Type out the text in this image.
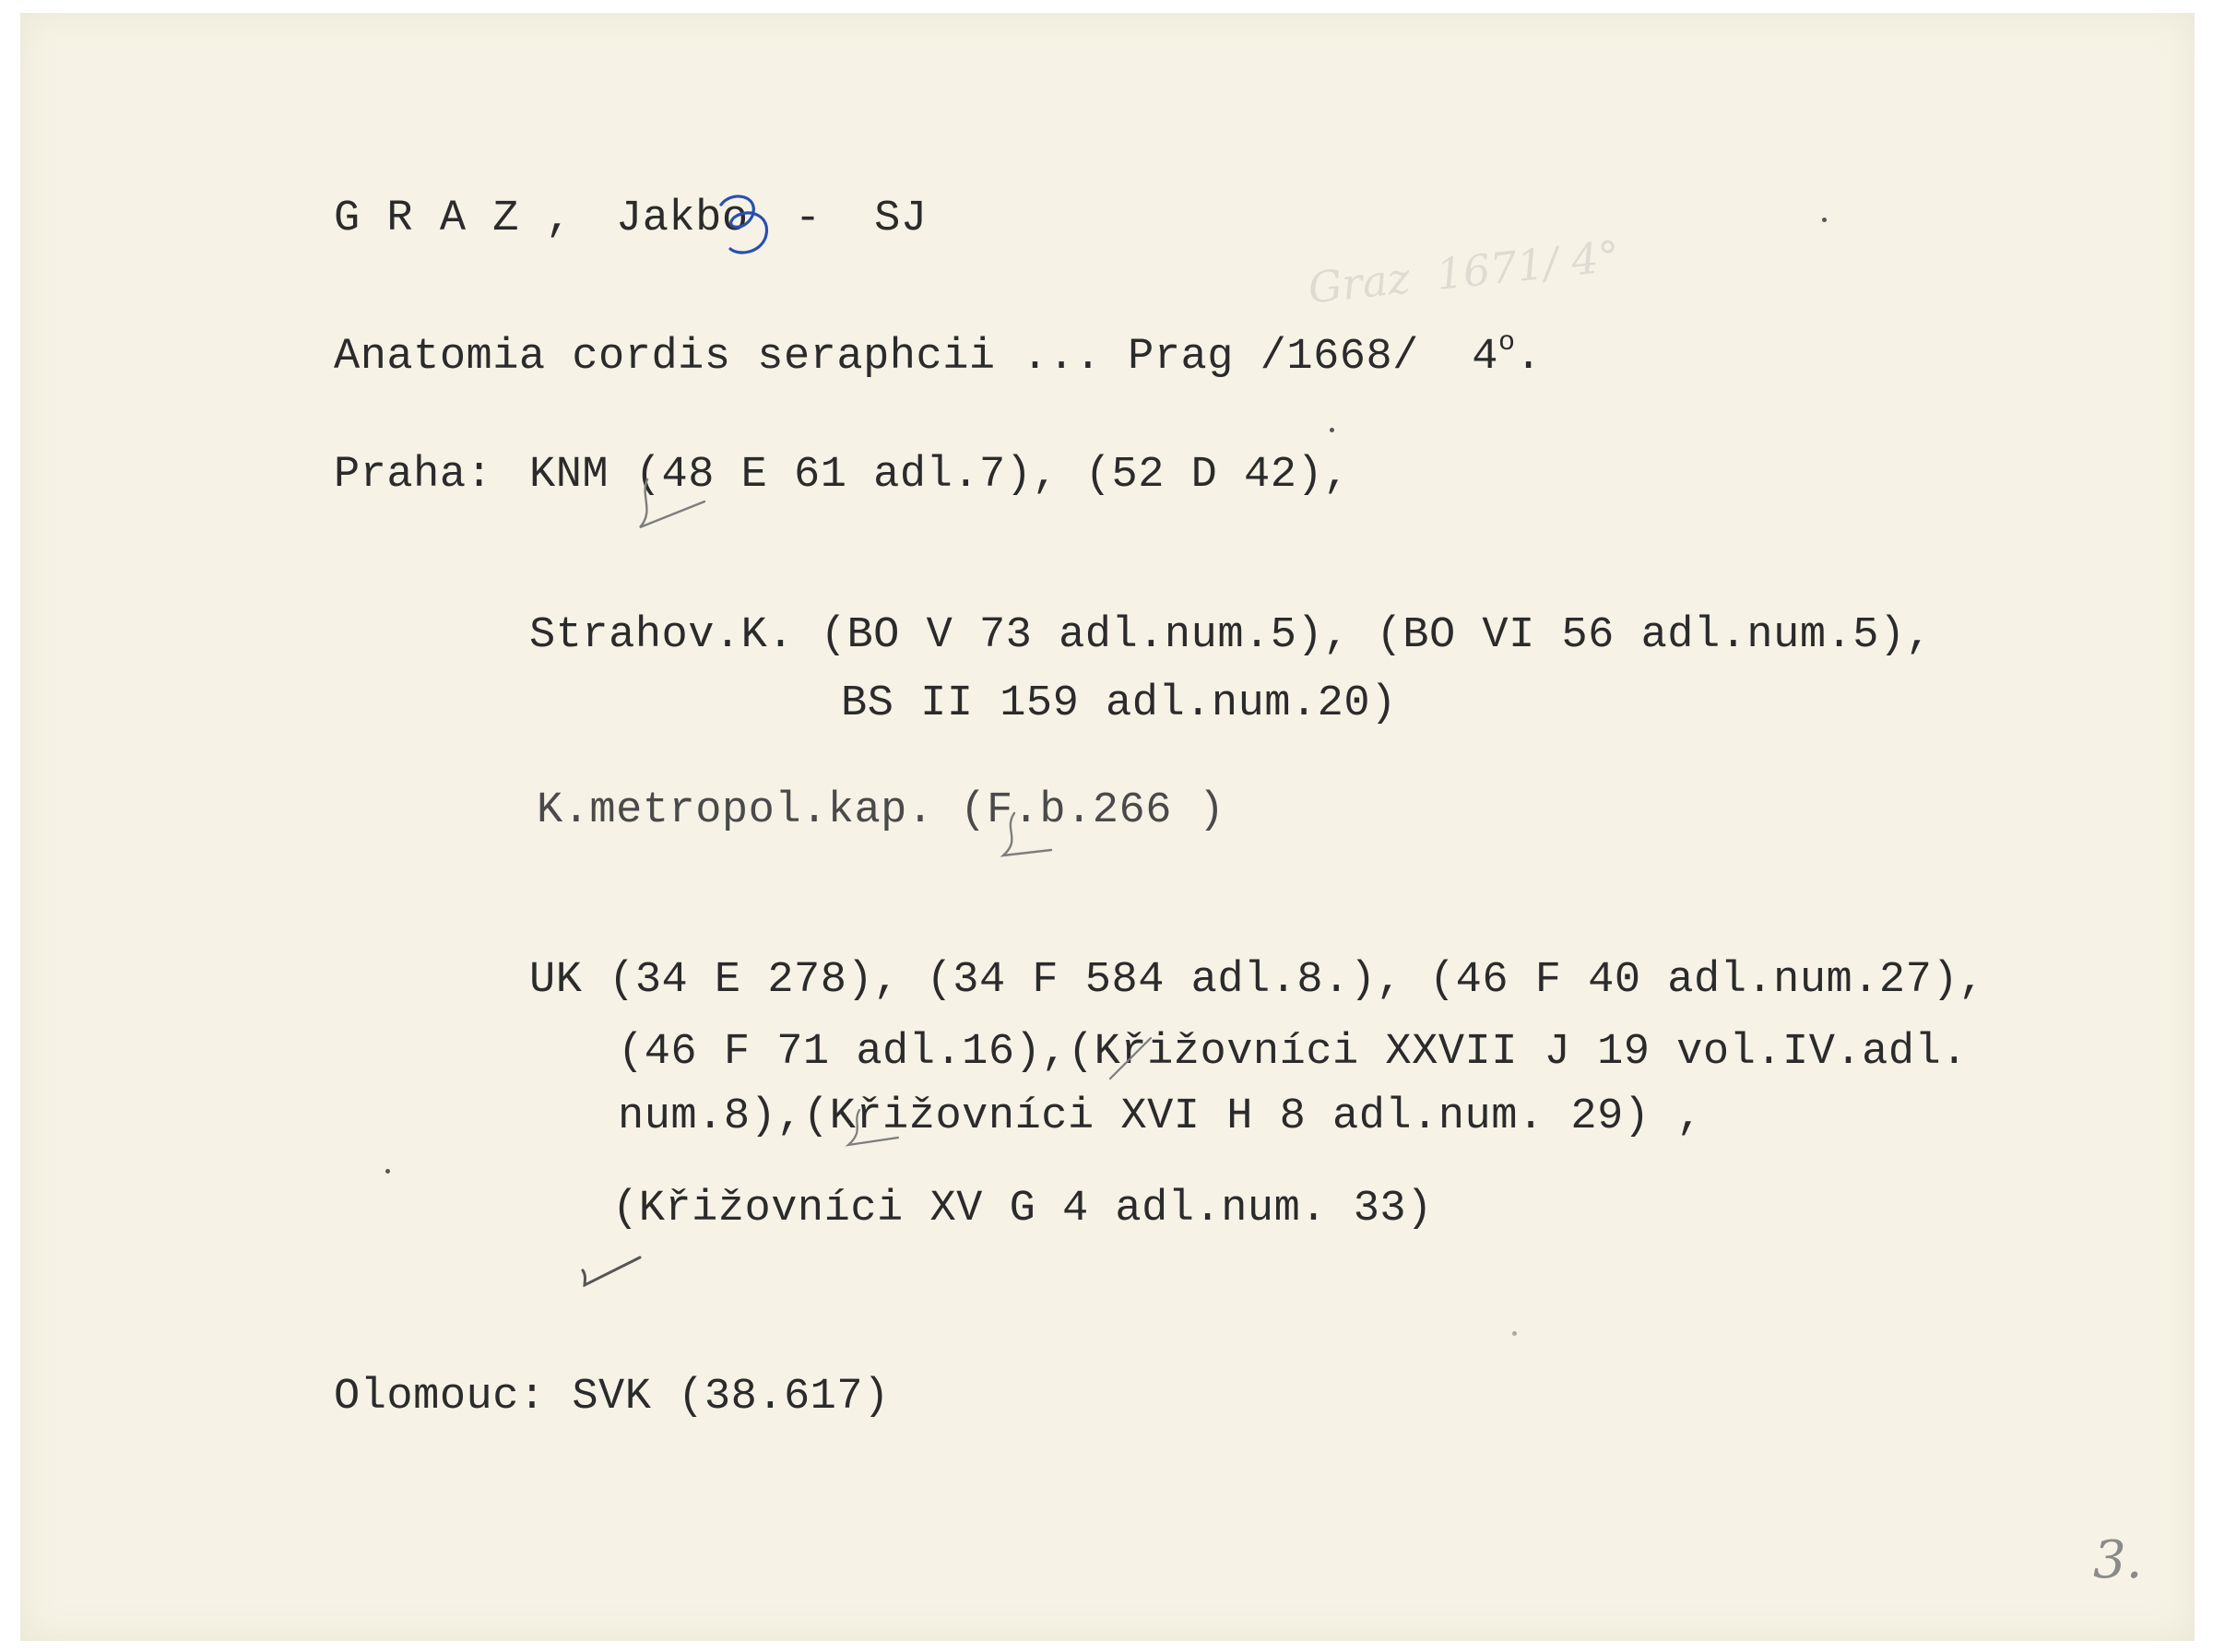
Graz  1671/ 4°
G R A Z , Jakbo -  SJ
Anatomia cordis seraphcii ... Prag /1668/  4$^o$.
Praha: KNM (48 E 61 adl.7), (52 D 42),
Strahov.K. (BO V 73 adl.num.5), (BO VI 56 adl.num.5),
BS II 159 adl.num.20)
K.metropol.kap. (F.b.266 )
UK (34 E 278), (34 F 584 adl.8.), (46 F 40 adl.num.27),
(46 F 71 adl.16),(Křižovníci XXVII J 19 vol.IV.adl.
num.8),(Křižovníci XVI H 8 adl.num. 29) ,
(Křižovníci XV G 4 adl.num. 33)
Olomouc: SVK (38.617)
3.
